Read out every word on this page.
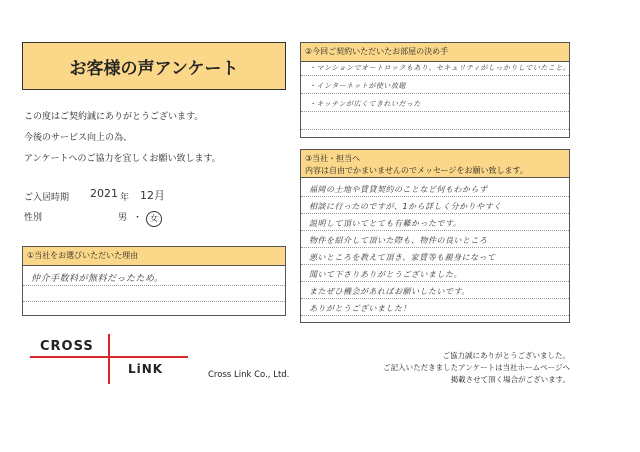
お客様の声アンケート
この度はご契約誠にありがとうございます。
今後のサービス向上の為、
アンケートへのご協力を宜しくお願い致します。
ご入居時期 2021 年 12月
性別	男 ・ 女
①当社をお選びいただいた理由
仲介手数料が無料だったため。
②今回ご契約いただいたお部屋の決め手
・マンションでオートロックもあり、セキュリティがしっかりしていたこと。
・インターネットが使い放題
・キッチンが広くてきれいだった
③当社・担当へ
内容は自由でかまいませんのでメッセージをお願い致します。
福岡の土地や賃貸契約のことなど何もわからず
相談に行ったのですが、1から詳しく分かりやすく
説明して頂いてとても有難かったです。
物件を紹介して頂いた際も、物件の良いところ
悪いところを教えて頂き、家賃等も親身になって
聞いて下さりありがとうございました。
またぜひ機会があればお願いしたいです。
ありがとうございました！
CROSS
LiNK	Cross Link Co., Ltd.
ご協力誠にありがとうございました。
ご記入いただきましたアンケートは当社ホームページへ
掲載させて頂く場合がございます。
